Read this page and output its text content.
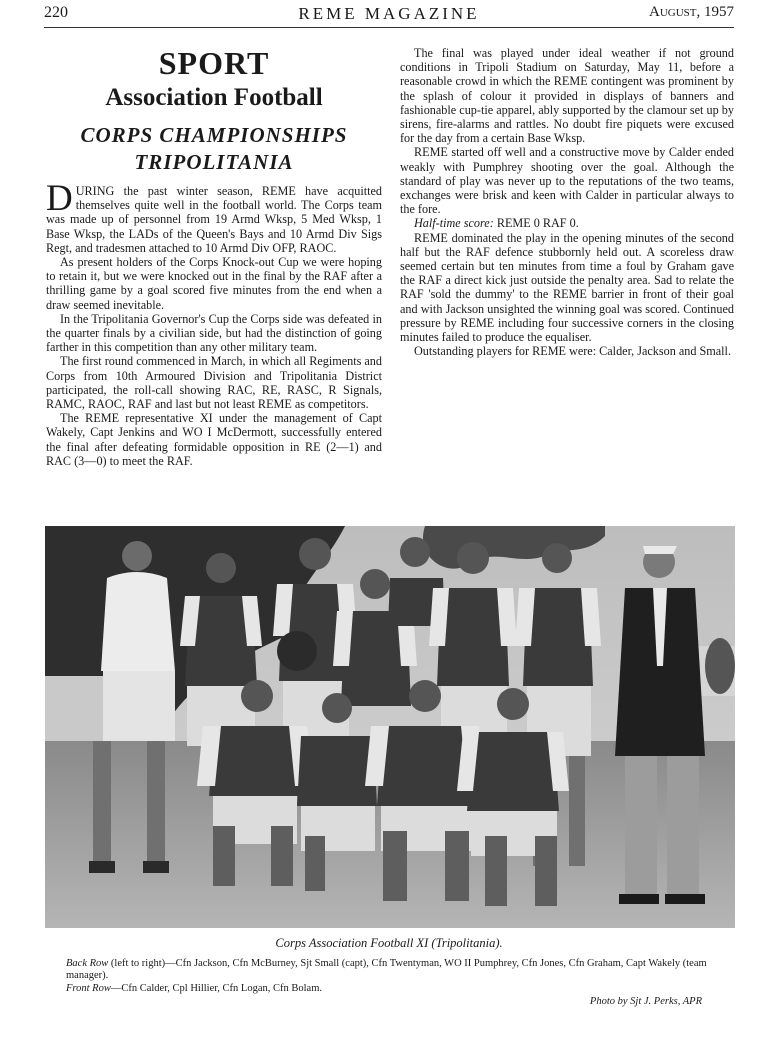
220	REME MAGAZINE	August, 1957
SPORT
Association Football
CORPS CHAMPIONSHIPS
TRIPOLITANIA

DURING the past winter season, REME have acquitted themselves quite well in the football world. The Corps team was made up of personnel from 19 Armd Wksp, 5 Med Wksp, 1 Base Wksp, the LADs of the Queen's Bays and 10 Armd Div Sigs Regt, and tradesmen attached to 10 Armd Div OFP, RAOC.

As present holders of the Corps Knock-out Cup we were hoping to retain it, but we were knocked out in the final by the RAF after a thrilling game by a goal scored five minutes from the end when a draw seemed inevitable.

In the Tripolitania Governor's Cup the Corps side was defeated in the quarter finals by a civilian side, but had the distinction of going farther in this competition than any other military team.

The first round commenced in March, in which all Regiments and Corps from 10th Armoured Division and Tripolitania District participated, the roll-call showing RAC, RE, RASC, R Signals, RAMC, RAOC, RAF and last but not least REME as competitors.

The REME representative XI under the management of Capt Wakely, Capt Jenkins and WO I McDermott, successfully entered the final after defeating formidable opposition in RE (2—1) and RAC (3—0) to meet the RAF.

The final was played under ideal weather if not ground conditions in Tripoli Stadium on Saturday, May 11, before a reasonable crowd in which the REME contingent was prominent by the splash of colour it provided in displays of banners and fashionable cup-tie apparel, ably supported by the clamour set up by sirens, fire-alarms and rattles. No doubt fire piquets were excused for the day from a certain Base Wksp.

REME started off well and a constructive move by Calder ended weakly with Pumphrey shooting over the goal. Although the standard of play was never up to the reputations of the two teams, exchanges were brisk and keen with Calder in particular always to the fore.

Half-time score: REME 0 RAF 0.

REME dominated the play in the opening minutes of the second half but the RAF defence stubbornly held out. A scoreless draw seemed certain but ten minutes from time a foul by Graham gave the RAF a direct kick just outside the penalty area. Sad to relate the RAF 'sold the dummy' to the REME barrier in front of their goal and with Jackson unsighted the winning goal was scored. Continued pressure by REME including four successive corners in the closing minutes failed to produce the equaliser.

Outstanding players for REME were: Calder, Jackson and Small.

Corps Association Football XI (Tripolitania).
Back Row (left to right)—Cfn Jackson, Cfn McBurney, Sjt Small (capt), Cfn Twentyman, WO II Pumphrey, Cfn Jones, Cfn Graham, Capt Wakely (team manager).
Front Row—Cfn Calder, Cpl Hillier, Cfn Logan, Cfn Bolam.
Photo by Sjt J. Perks, APR
